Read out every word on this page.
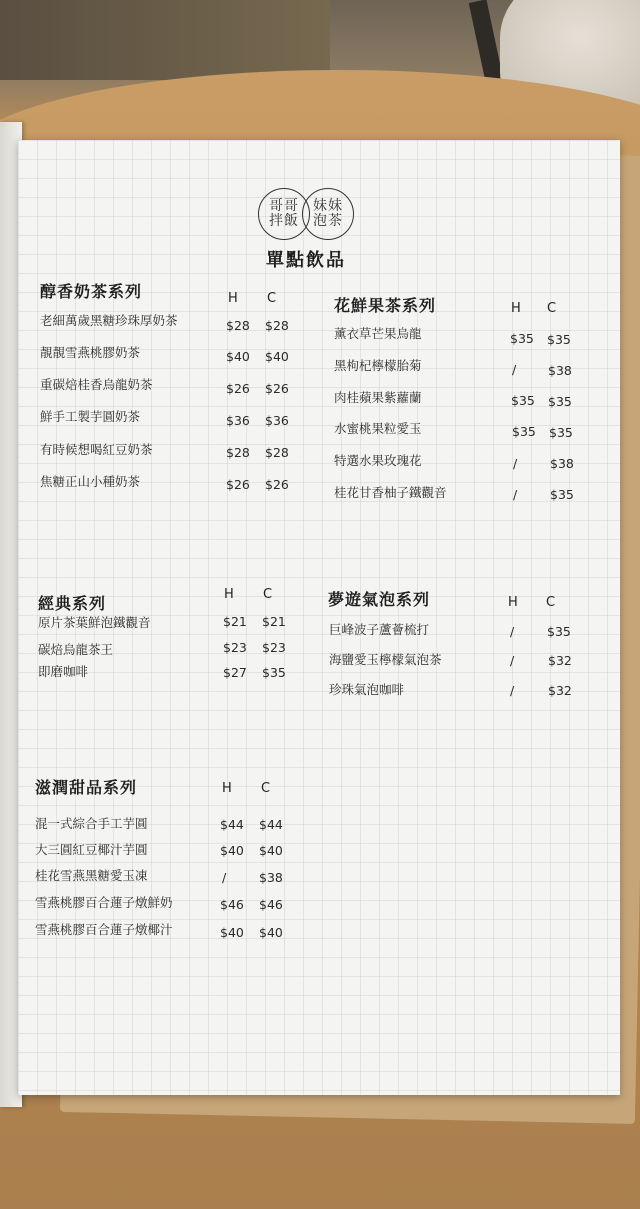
哥哥拌飯
妹妹泡茶
單點飲品
醇香奶茶系列	H C
老細萬歲黑糖珍珠厚奶茶	$28 $28
靚靚雪燕桃膠奶茶	$40 $40
重碳焙桂香烏龍奶茶	$26 $26
鮮手工製芋圓奶茶	$36 $36
有時候想喝紅豆奶茶	$28 $28
焦糖正山小種奶茶	$26 $26
花鮮果茶系列	H C
薰衣草芒果烏龍	$35 $35
黑枸杞檸檬胎菊	/	$38
肉桂蘋果紫蘿蘭	$35 $35
水蜜桃果粒愛玉	$35 $35
特選水果玫瑰花	/	$38
桂花甘香柚子鐵觀音	/	$35
經典系列	H C
原片茶葉鮮泡鐵觀音	$21 $21
碳焙烏龍茶王	$23 $23
即磨咖啡	$27 $35
夢遊氣泡系列	H C
巨峰波子蘆薈梳打	/	$35
海鹽愛玉檸檬氣泡茶	/	$32
珍珠氣泡咖啡	/	$32
滋潤甜品系列	H C
混一式綜合手工芋圓	$44 $44
大三圓紅豆椰汁芋圓	$40 $40
桂花雪燕黑糖愛玉凍	/	$38
雪燕桃膠百合蓮子燉鮮奶	$46 $46
雪燕桃膠百合蓮子燉椰汁	$40 $40
